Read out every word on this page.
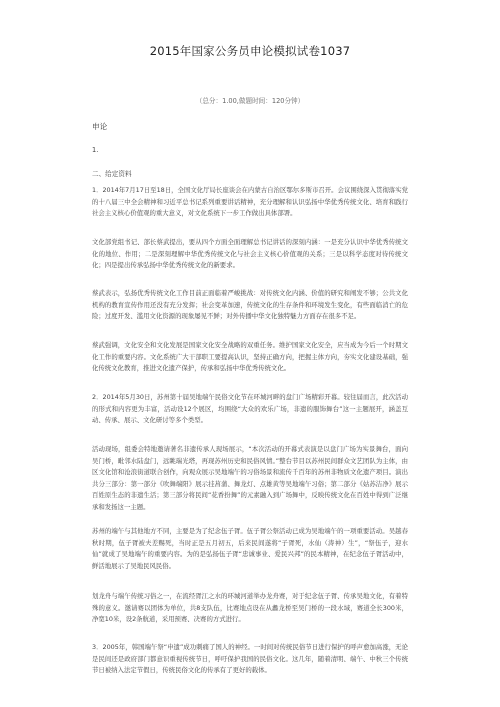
2015年国家公务员申论模拟试卷1037
（总分：1.00,做题时间：120分钟）
申论
1.
二、给定资料

1．2014年7月17日至18日，全国文化厅局长座谈会在内蒙古自治区鄂尔多斯市召开。会议围绕深入贯彻落实党的十八届三中全会精神和习近平总书记系列重要讲话精神，充分理解和认识弘扬中华优秀传统文化、培育和践行社会主义核心价值观的重大意义，对文化系统下一步工作做出具体部署。

文化部党组书记、部长蔡武提出，要从四个方面全面理解总书记讲话的深刻内涵：一是充分认识中华优秀传统文化的地位、作用；二是深刻理解中华优秀传统文化与社会主义核心价值观的关系；三是以科学态度对待传统文化；四是提出传承弘扬中华优秀传统文化的新要求。

蔡武表示，弘扬优秀传统文化工作目前正面临着严峻挑战：对传统文化内涵、价值的研究和阐发不够；公共文化机构的教育宣传作用还没有充分发挥；社会变革加速，传统文化的生存条件和环境发生变化，有些面临消亡的危险；过度开发、滥用文化资源的现象屡见不鲜；对外传播中华文化独特魅力方面存在很多不足。

蔡武强调，文化安全和文化发展是国家文化安全战略的双重任务。维护国家文化安全，应当成为今后一个时期文化工作的重要内容。文化系统广大干部职工要提高认识，坚持正确方向，把握主体方向，夯实文化建设基础，强化传统文化教育，推进文化遗产保护，传承和弘扬中华优秀传统文化。

2．2014年5月30日，苏州第十届吴地端午民俗文化节在环城河畔的盘门广场精彩开幕。较往届而言，此次活动的形式和内容更为丰富，活动设12个展区，均围绕“大众的欢乐广场，非遗的服饰舞台”这一主题展开，涵盖互动、传承、展示、文化研讨等多个类型。

活动现场，组委会特地邀请著名非遗传承人现场展示，“本次活动的开幕式表演是以盘门广场为实景舞台，面向吴门桥，毗邻水陆盘门，远眺瑞光塔，再现苏州历史和民俗风情。”整台节目以苏州民间群众文艺团队为主体，由区文化馆和沧浪街道联合创作，向观众展示吴地端午的习俗场景和流传千百年的苏州非物质文化遗产项目。演出共分三部分：第一部分《吹舞端阳》展示挂菖蒲、舞龙灯、点雄黄等吴地端午习俗；第二部分《姑苏洁净》展示百姓原生态的非遗生活；第三部分将民间“花香扮舞”的元素融入到广场舞中，反映传统文化在百姓中得到广泛继承和发扬这一主题。

苏州的端午与其他地方不同，主要是为了纪念伍子胥。伍子胥公祭活动已成为吴地端午的一项重要活动。吴越春秋时期，伍子胥被夫差赐死，当时正是五月初五，后来民间遂将“子胥死，水仙（涛神）生”，“祭伍子，迎水仙”就成了吴地端午的重要内容。为的是弘扬伍子胥“忠诚事业、爱民兴邦”的民本精神，在纪念伍子胥活动中，鲜活地展示了吴地民风民俗。

划龙舟与端午传统习俗之一，在流经胥江之水的环城河道举办龙舟赛，对于纪念伍子胥、传承吴地文化，有着特殊的意义。邀请赛以团体为单位，共8支队伍，比赛地点设在从蠡龙桥至吴门桥的一段水域，赛道全长300米，净宽10米，设2条航道，采用预赛、决赛的方式进行。

3．2005年，韩国端午祭“申遗”成功刺痛了国人的神经。一时间对传统民俗节日进行保护的呼声愈加高涨，无论是民间还是政府部门都意识重视传统节日，呼吁保护我国的民俗文化。这几年，随着清明、端午、中秋三个传统节日被纳入法定节假日，传统民俗文化的传承有了更好的载体。
